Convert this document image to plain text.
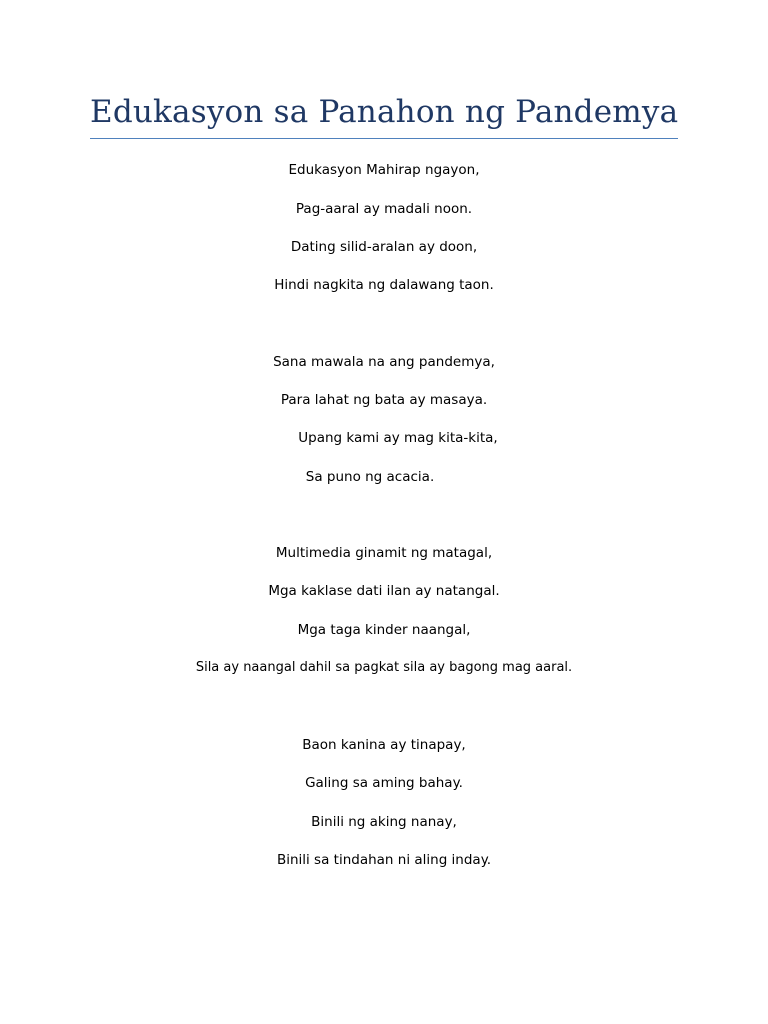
Edukasyon sa Panahon ng Pandemya
Edukasyon Mahirap ngayon,
Pag-aaral ay madali noon.
Dating silid-aralan ay doon,
Hindi nagkita ng dalawang taon.
Sana mawala na ang pandemya,
Para lahat ng bata ay masaya.
Upang kami ay mag kita-kita,
Sa puno ng acacia.
Multimedia ginamit ng matagal,
Mga kaklase dati ilan ay natangal.
Mga taga kinder naangal,
Sila ay naangal dahil sa pagkat sila ay bagong mag aaral.
Baon kanina ay tinapay,
Galing sa aming bahay.
Binili ng aking nanay,
Binili sa tindahan ni aling inday.
